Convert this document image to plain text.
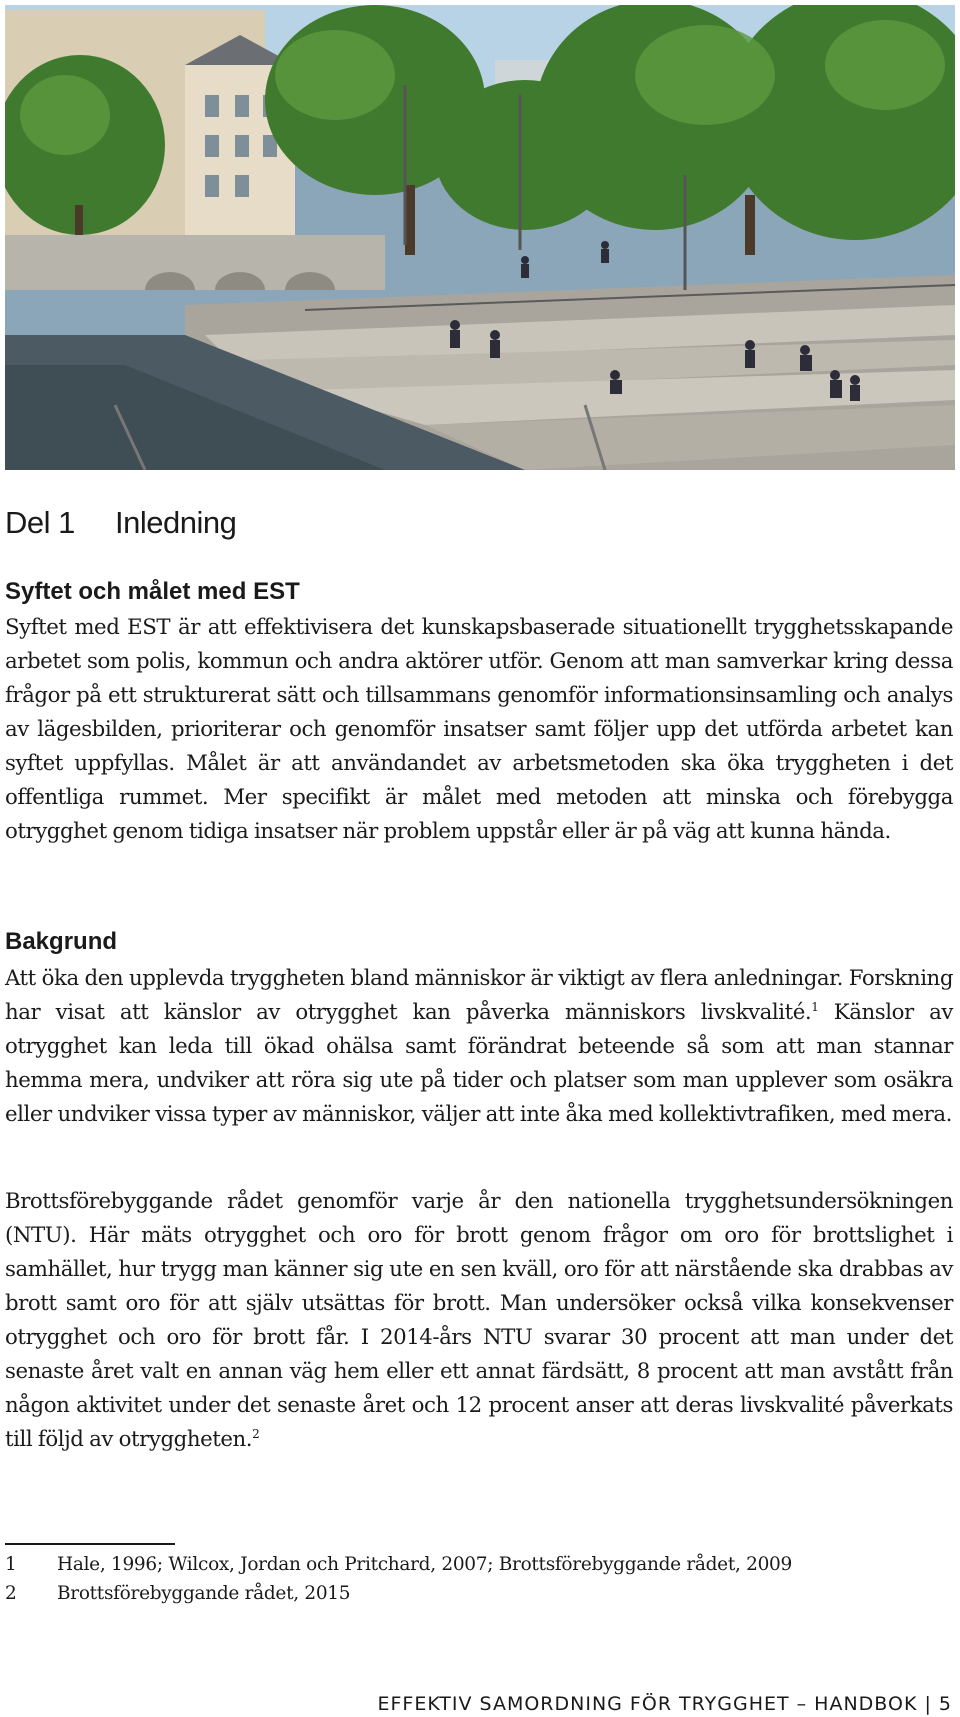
Del 1 Inledning
Syftet och målet med EST

Syftet med EST är att effektivisera det kunskapsbaserade situationellt trygghetsskapande arbetet som polis, kommun och andra aktörer utför. Genom att man samverkar kring dessa frågor på ett strukturerat sätt och tillsammans genomför informationsinsamling och analys av lägesbilden, prioriterar och genomför insatser samt följer upp det utförda arbetet kan syftet uppfyllas. Målet är att användandet av arbetsmetoden ska öka tryggheten i det offentliga rummet. Mer specifikt är målet med metoden att minska och förebygga otrygghet genom tidiga insatser när problem uppstår eller är på väg att kunna hända.

Bakgrund

Att öka den upplevda tryggheten bland människor är viktigt av flera anledningar. Forskning har visat att känslor av otrygghet kan påverka människors livskvalité.$^1$ Känslor av otrygghet kan leda till ökad ohälsa samt förändrat beteende så som att man stannar hemma mera, undviker att röra sig ute på tider och platser som man upplever som osäkra eller undviker vissa typer av människor, väljer att inte åka med kollektivtrafiken, med mera.

Brottsförebyggande rådet genomför varje år den nationella trygghetsundersökningen (NTU). Här mäts otrygghet och oro för brott genom frågor om oro för brottslighet i samhället, hur trygg man känner sig ute en sen kväll, oro för att närstående ska drabbas av brott samt oro för att själv utsättas för brott. Man undersöker också vilka konsekvenser otrygghet och oro för brott får. I 2014-års NTU svarar 30 procent att man under det senaste året valt en annan väg hem eller ett annat färdsätt, 8 procent att man avstått från någon aktivitet under det senaste året och 12 procent anser att deras livskvalité påverkats till följd av otryggheten.$^2$

1 Hale, 1996; Wilcox, Jordan och Pritchard, 2007; Brottsförebyggande rådet, 2009
2 Brottsförebyggande rådet, 2015
EFFEKTIV SAMORDNING FÖR TRYGGHET – HANDBOK | 5
